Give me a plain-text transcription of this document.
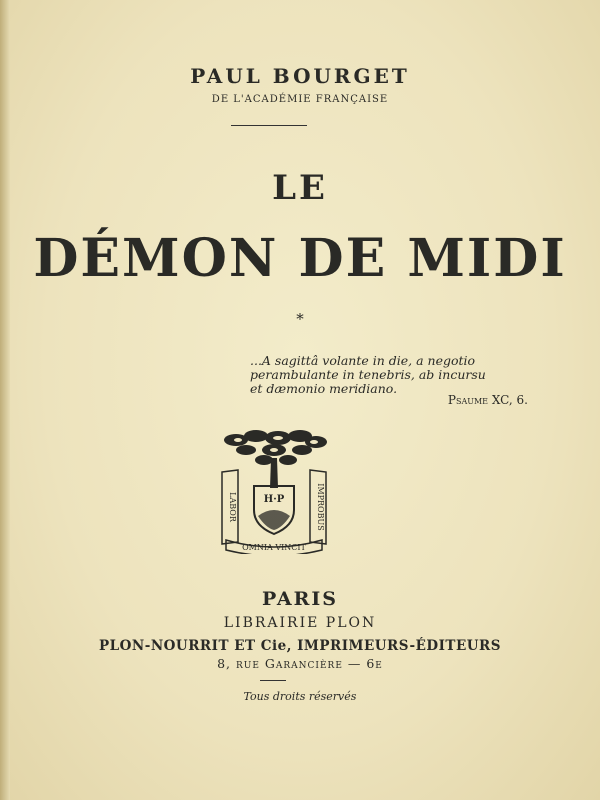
PAUL BOURGET
DE L'ACADÉMIE FRANÇAISE
LE
DÉMON DE MIDI
*
...A sagittâ volante in die, a negotio
perambulante in tenebris, ab incursu
et dæmonio meridiano.
Psaume XC, 6.
H·P
LABOR	IMPROBUS
OMNIA VINCIT
PARIS
LIBRAIRIE PLON
PLON-NOURRIT ET Cie, IMPRIMEURS-ÉDITEURS
8, rue Garancière — 6e
Tous droits réservés
